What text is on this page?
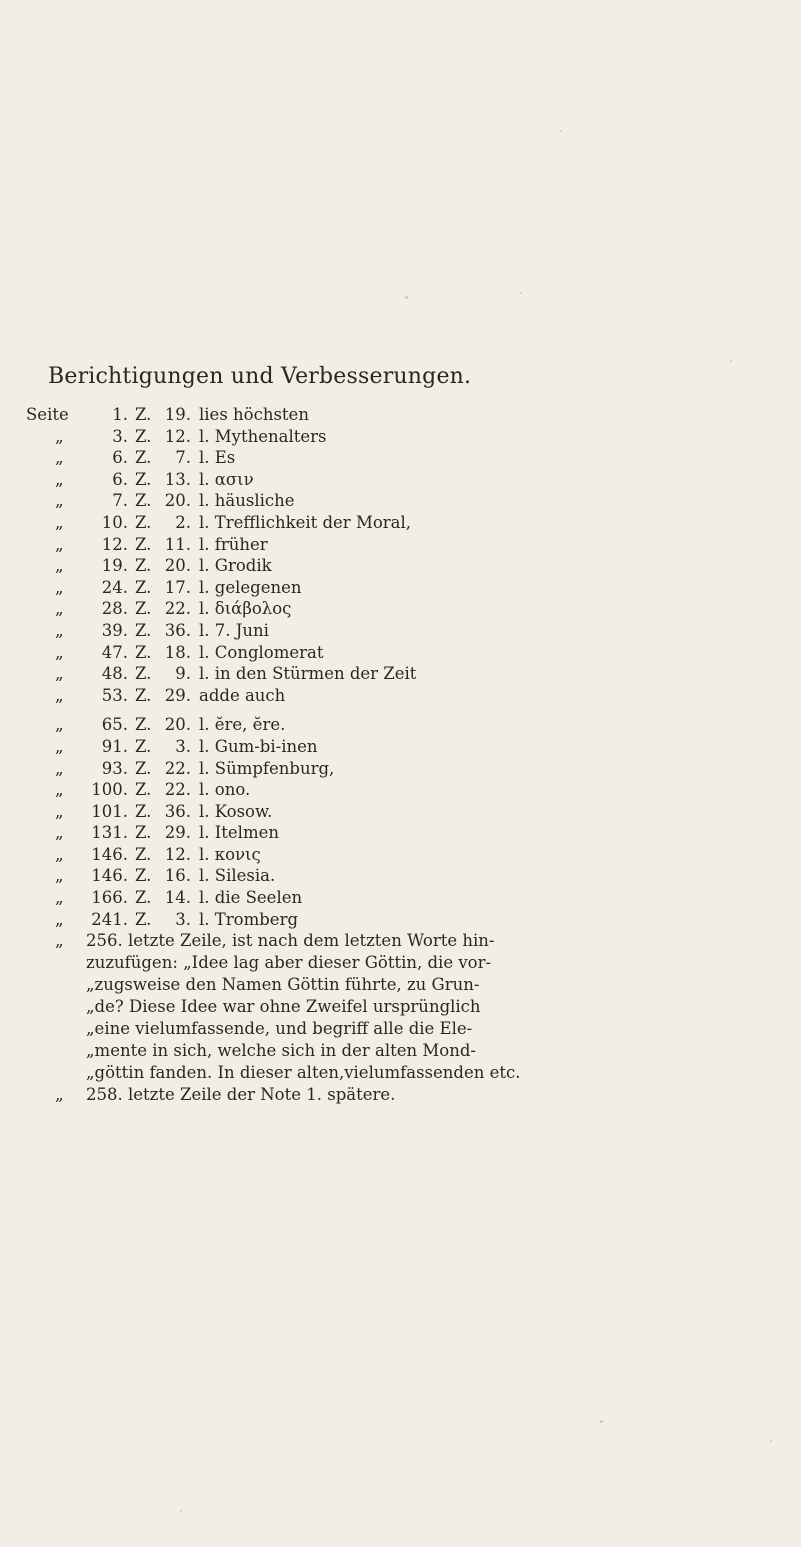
Berichtigungen und Verbesserungen.
Seite	1. Z. 19. lies höchsten
„	3. Z. 12. l. Mythenalters
„	6. Z.	7. l. Es
„	6. Z. 13. l. ασιν
„	7. Z. 20. l. häusliche
„	10. Z.	2. l. Trefflichkeit der Moral,
„	12. Z. 11. l. früher
„	19. Z. 20. l. Grodik
„	24. Z. 17. l. gelegenen
„	28. Z. 22. l. διάβολος
„	39. Z. 36. l. 7. Juni
„	47. Z. 18. l. Conglomerat
„	48. Z.	9. l. in den Stürmen der Zeit
„	53. Z. 29. adde auch
„	65. Z. 20. l. ĕre, ĕre.
„	91. Z.	3. l. Gum-bi-inen
„	93. Z. 22. l. Sümpfenburg,
„	100. Z. 22. l. ono.
„	101. Z. 36. l. Kosow.
„	131. Z. 29. l. Itelmen
„	146. Z. 12. l. κονις
„	146. Z. 16. l. Silesia.
„	166. Z. 14. l. die Seelen
„	241. Z.	3. l. Tromberg
„	256. letzte Zeile, ist nach dem letzten Worte hin-
zuzufügen: „Idee lag aber dieser Göttin, die vor-
„zugsweise den Namen Göttin führte, zu Grun-
„de? Diese Idee war ohne Zweifel ursprünglich
„eine vielumfassende, und begriff alle die Ele-
„mente in sich, welche sich in der alten Mond-
„göttin fanden. In dieser alten,vielumfassenden etc.
„	258. letzte Zeile der Note 1. spätere.
